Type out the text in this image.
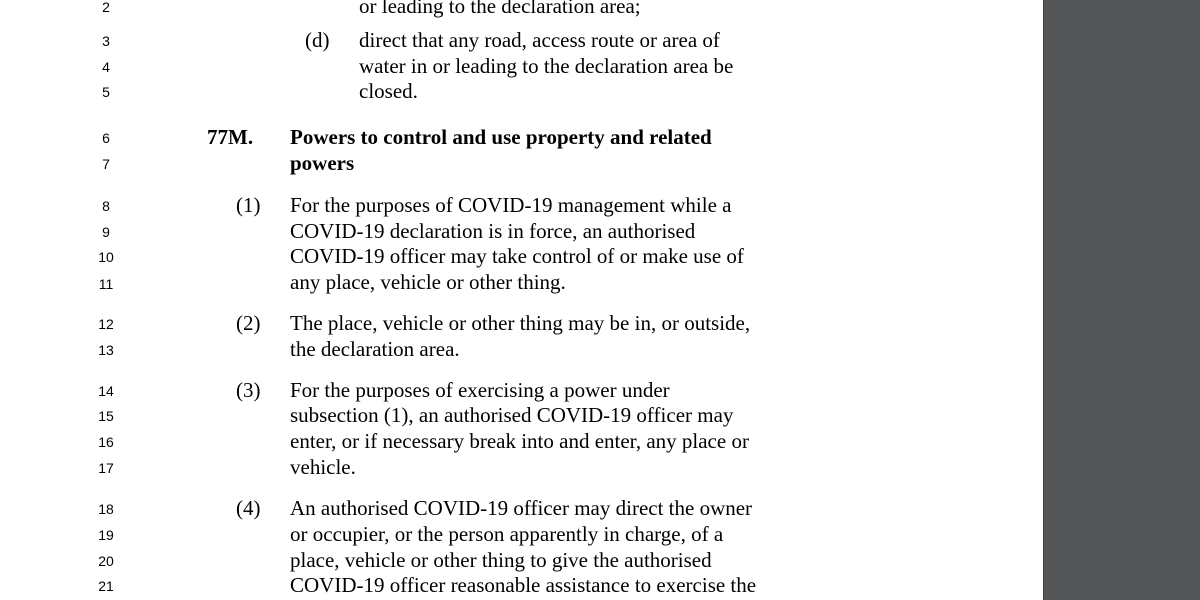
2
3
4
5
6
7
8
9
10
11
12
13
14
15
16
17
18
19
20
21
or leading to the declaration area;
(d) direct that any road, access route or area of
water in or leading to the declaration area be
closed.
77M. Powers to control and use property and related
powers
(1) For the purposes of COVID-19 management while a
COVID-19 declaration is in force, an authorised
COVID-19 officer may take control of or make use of
any place, vehicle or other thing.
(2) The place, vehicle or other thing may be in, or outside,
the declaration area.
(3) For the purposes of exercising a power under
subsection (1), an authorised COVID-19 officer may
enter, or if necessary break into and enter, any place or
vehicle.
(4) An authorised COVID-19 officer may direct the owner
or occupier, or the person apparently in charge, of a
place, vehicle or other thing to give the authorised
COVID-19 officer reasonable assistance to exercise the
